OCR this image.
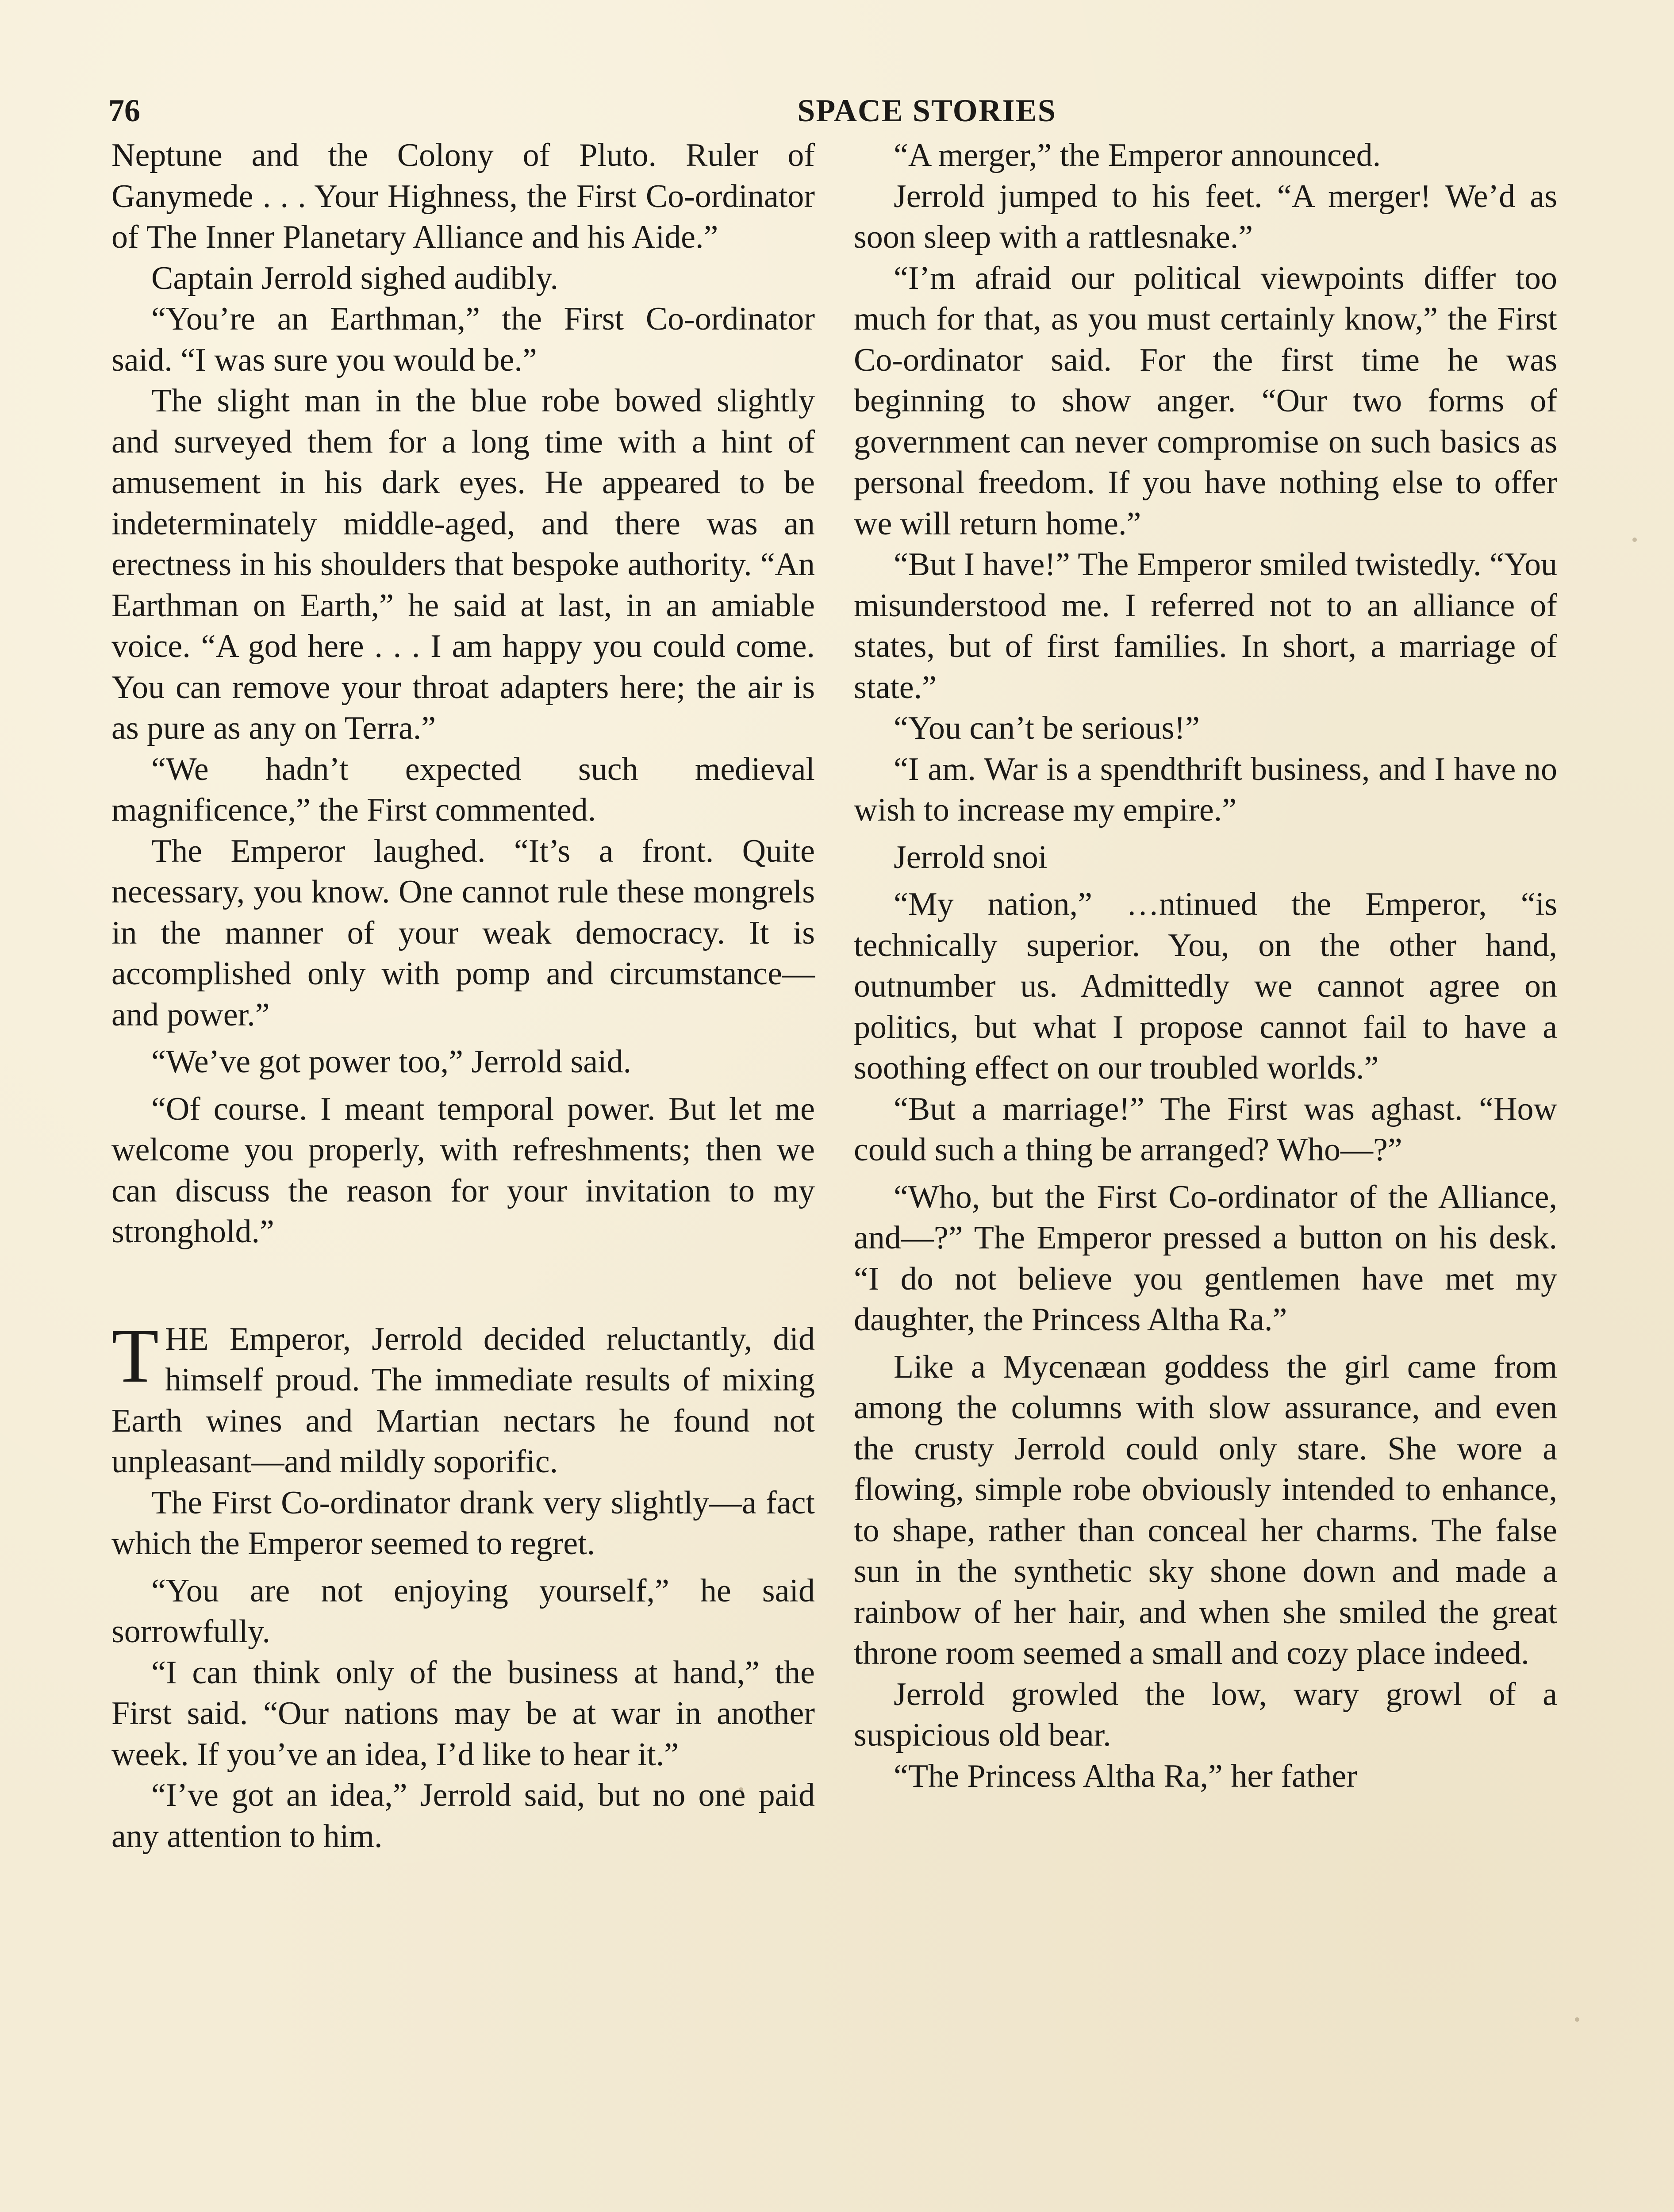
76	SPACE STORIES

Neptune and the Colony of Pluto. Ruler of Ganymede . . . Your Highness, the First Co-ordinator of The Inner Planetary Alliance and his Aide.”

Captain Jerrold sighed audibly.

“You’re an Earthman,” the First Co-ordinator said. “I was sure you would be.”

The slight man in the blue robe bowed slightly and surveyed them for a long time with a hint of amusement in his dark eyes. He appeared to be indeterminately middle-aged, and there was an erectness in his shoulders that bespoke authority. “An Earthman on Earth,” he said at last, in an amiable voice. “A god here . . . I am happy you could come. You can remove your throat adapters here; the air is as pure as any on Terra.”

“We hadn’t expected such medieval magnificence,” the First commented.

The Emperor laughed. “It’s a front. Quite necessary, you know. One cannot rule these mongrels in the manner of your weak democracy. It is accomplished only with pomp and circumstance—and power.”

“We’ve got power too,” Jerrold said.

“Of course. I meant temporal power. But let me welcome you properly, with refreshments; then we can discuss the reason for your invitation to my stronghold.”

THE Emperor, Jerrold decided reluctantly, did himself proud. The immediate results of mixing Earth wines and Martian nectars he found not unpleasant—and mildly soporific.

The First Co-ordinator drank very slightly—a fact which the Emperor seemed to regret.

“You are not enjoying yourself,” he said sorrowfully.

“I can think only of the business at hand,” the First said. “Our nations may be at war in another week. If you’ve an idea, I’d like to hear it.”

“I’ve got an idea,” Jerrold said, but no one paid any attention to him.

“A merger,” the Emperor announced.

Jerrold jumped to his feet. “A merger! We’d as soon sleep with a rattlesnake.”

“I’m afraid our political viewpoints differ too much for that, as you must certainly know,” the First Co-ordinator said. For the first time he was beginning to show anger. “Our two forms of government can never compromise on such basics as personal freedom. If you have nothing else to offer we will return home.”

“But I have!” The Emperor smiled twistedly. “You misunderstood me. I referred not to an alliance of states, but of first families. In short, a marriage of state.”

“You can’t be serious!”

“I am. War is a spendthrift business, and I have no wish to increase my empire.”

Jerrold snoi

“My nation,” …ntinued the Emperor, “is technically superior. You, on the other hand, outnumber us. Admittedly we cannot agree on politics, but what I propose cannot fail to have a soothing effect on our troubled worlds.”

“But a marriage!” The First was aghast. “How could such a thing be arranged? Who—?”

“Who, but the First Co-ordinator of the Alliance, and—?” The Emperor pressed a button on his desk. “I do not believe you gentlemen have met my daughter, the Princess Altha Ra.”

Like a Mycenæan goddess the girl came from among the columns with slow assurance, and even the crusty Jerrold could only stare. She wore a flowing, simple robe obviously intended to enhance, to shape, rather than conceal her charms. The false sun in the synthetic sky shone down and made a rainbow of her hair, and when she smiled the great throne room seemed a small and cozy place indeed.

Jerrold growled the low, wary growl of a suspicious old bear.

“The Princess Altha Ra,” her father
